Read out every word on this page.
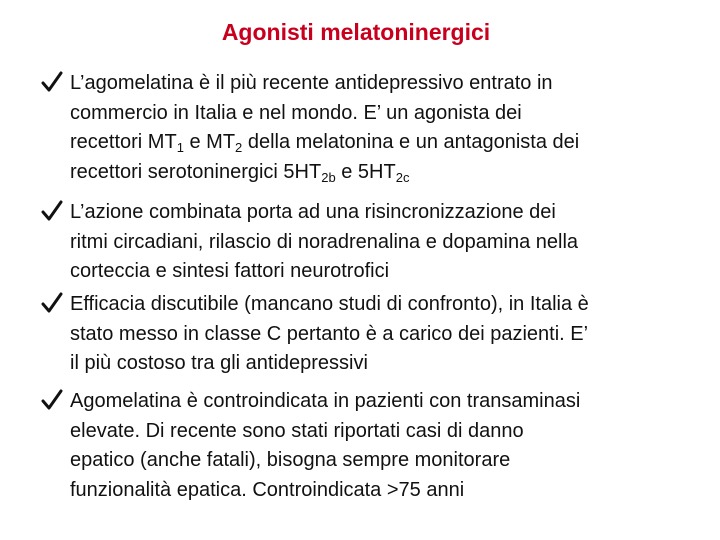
Agonisti melatoninergici
L’agomelatina è il più recente antidepressivo entrato in
commercio in Italia e nel mondo. E’ un agonista dei
recettori $MT_1$ e $MT_2$ della melatonina e un antagonista dei
recettori serotoninergici $5HT_{2b}$ e $5HT_{2c}$
L’azione combinata porta ad una risincronizzazione dei
ritmi circadiani, rilascio di noradrenalina e dopamina nella
corteccia e sintesi fattori neurotrofici
Efficacia discutibile (mancano studi di confronto), in Italia è
stato messo in classe C pertanto è a carico dei pazienti. E’
il più costoso tra gli antidepressivi
Agomelatina è controindicata in pazienti con transaminasi
elevate. Di recente sono stati riportati casi di danno
epatico (anche fatali), bisogna sempre monitorare
funzionalità epatica. Controindicata >75 anni
